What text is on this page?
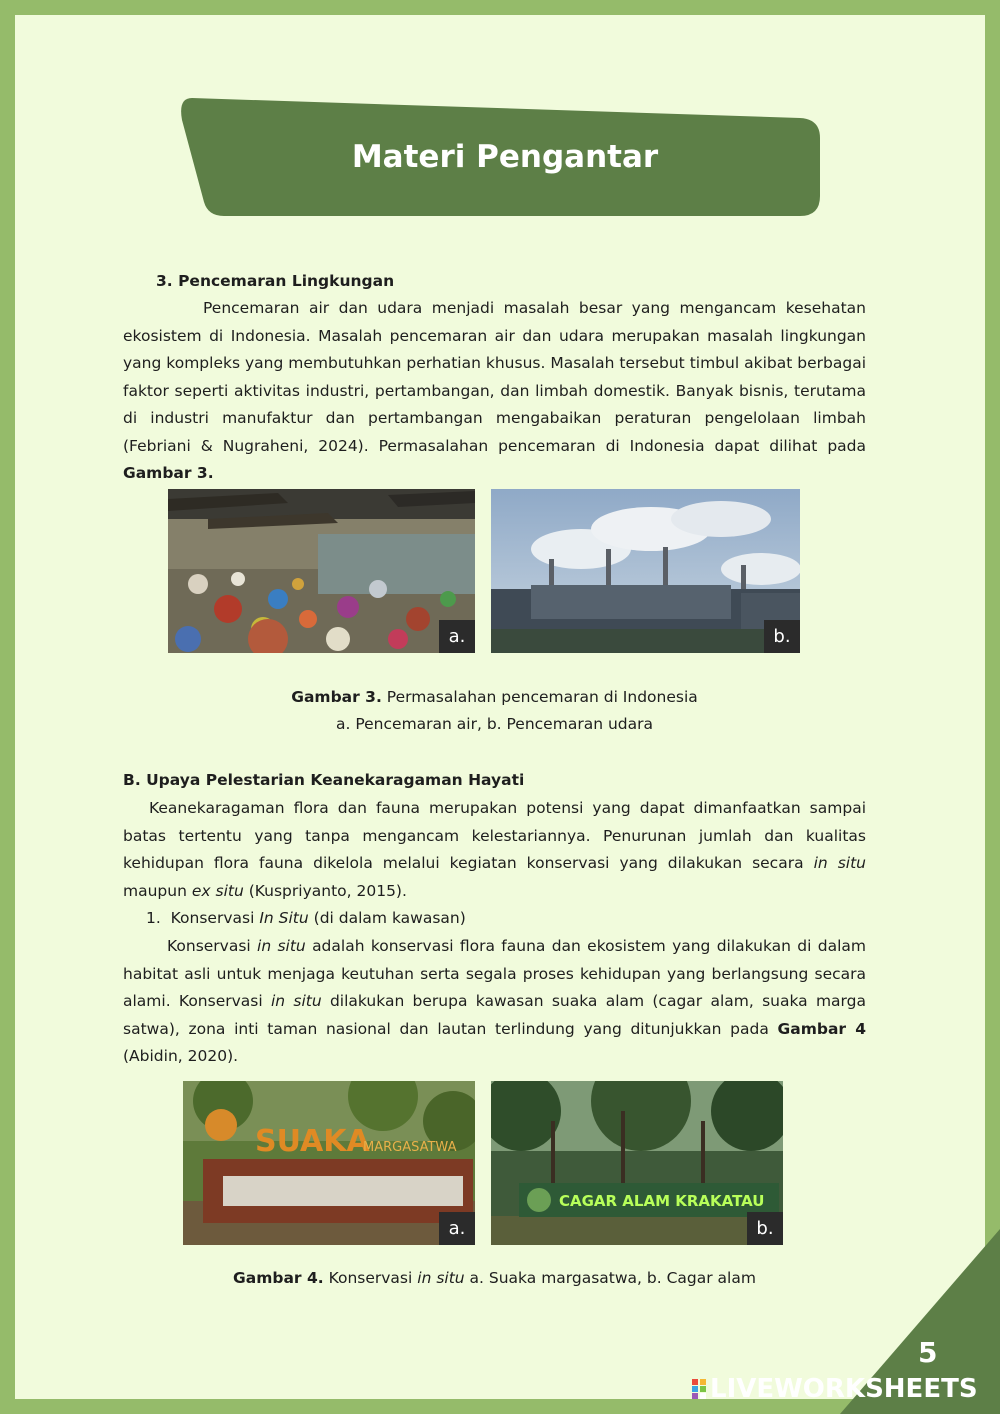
Materi Pengantar
3. Pencemaran Lingkungan
Pencemaran air dan udara menjadi masalah besar yang mengancam kesehatan ekosistem di Indonesia. Masalah pencemaran air dan udara merupakan masalah lingkungan yang kompleks yang membutuhkan perhatian khusus. Masalah tersebut timbul akibat berbagai faktor seperti aktivitas industri, pertambangan, dan limbah domestik. Banyak bisnis, terutama di industri manufaktur dan pertambangan mengabaikan peraturan pengelolaan limbah (Febriani & Nugraheni, 2024). Permasalahan pencemaran di Indonesia dapat dilihat pada Gambar 3.
a.	b.
Gambar 3. Permasalahan pencemaran di Indonesia
a. Pencemaran air, b. Pencemaran udara
B. Upaya Pelestarian Keanekaragaman Hayati
Keanekaragaman flora dan fauna merupakan potensi yang dapat dimanfaatkan sampai batas tertentu yang tanpa mengancam kelestariannya. Penurunan jumlah dan kualitas kehidupan flora fauna dikelola melalui kegiatan konservasi yang dilakukan secara in situ maupun ex situ (Kuspriyanto, 2015).
1. Konservasi In Situ (di dalam kawasan)
Konservasi in situ adalah konservasi flora fauna dan ekosistem yang dilakukan di dalam habitat asli untuk menjaga keutuhan serta segala proses kehidupan yang berlangsung secara alami. Konservasi in situ dilakukan berupa kawasan suaka alam (cagar alam, suaka marga satwa), zona inti taman nasional dan lautan terlindung yang ditunjukkan pada Gambar 4 (Abidin, 2020).
SUAKA
MARGASATWA
a.
CAGAR ALAM KRAKATAU
b.
Gambar 4. Konservasi in situ a. Suaka margasatwa, b. Cagar alam
5
LIVEWORKSHEETS
